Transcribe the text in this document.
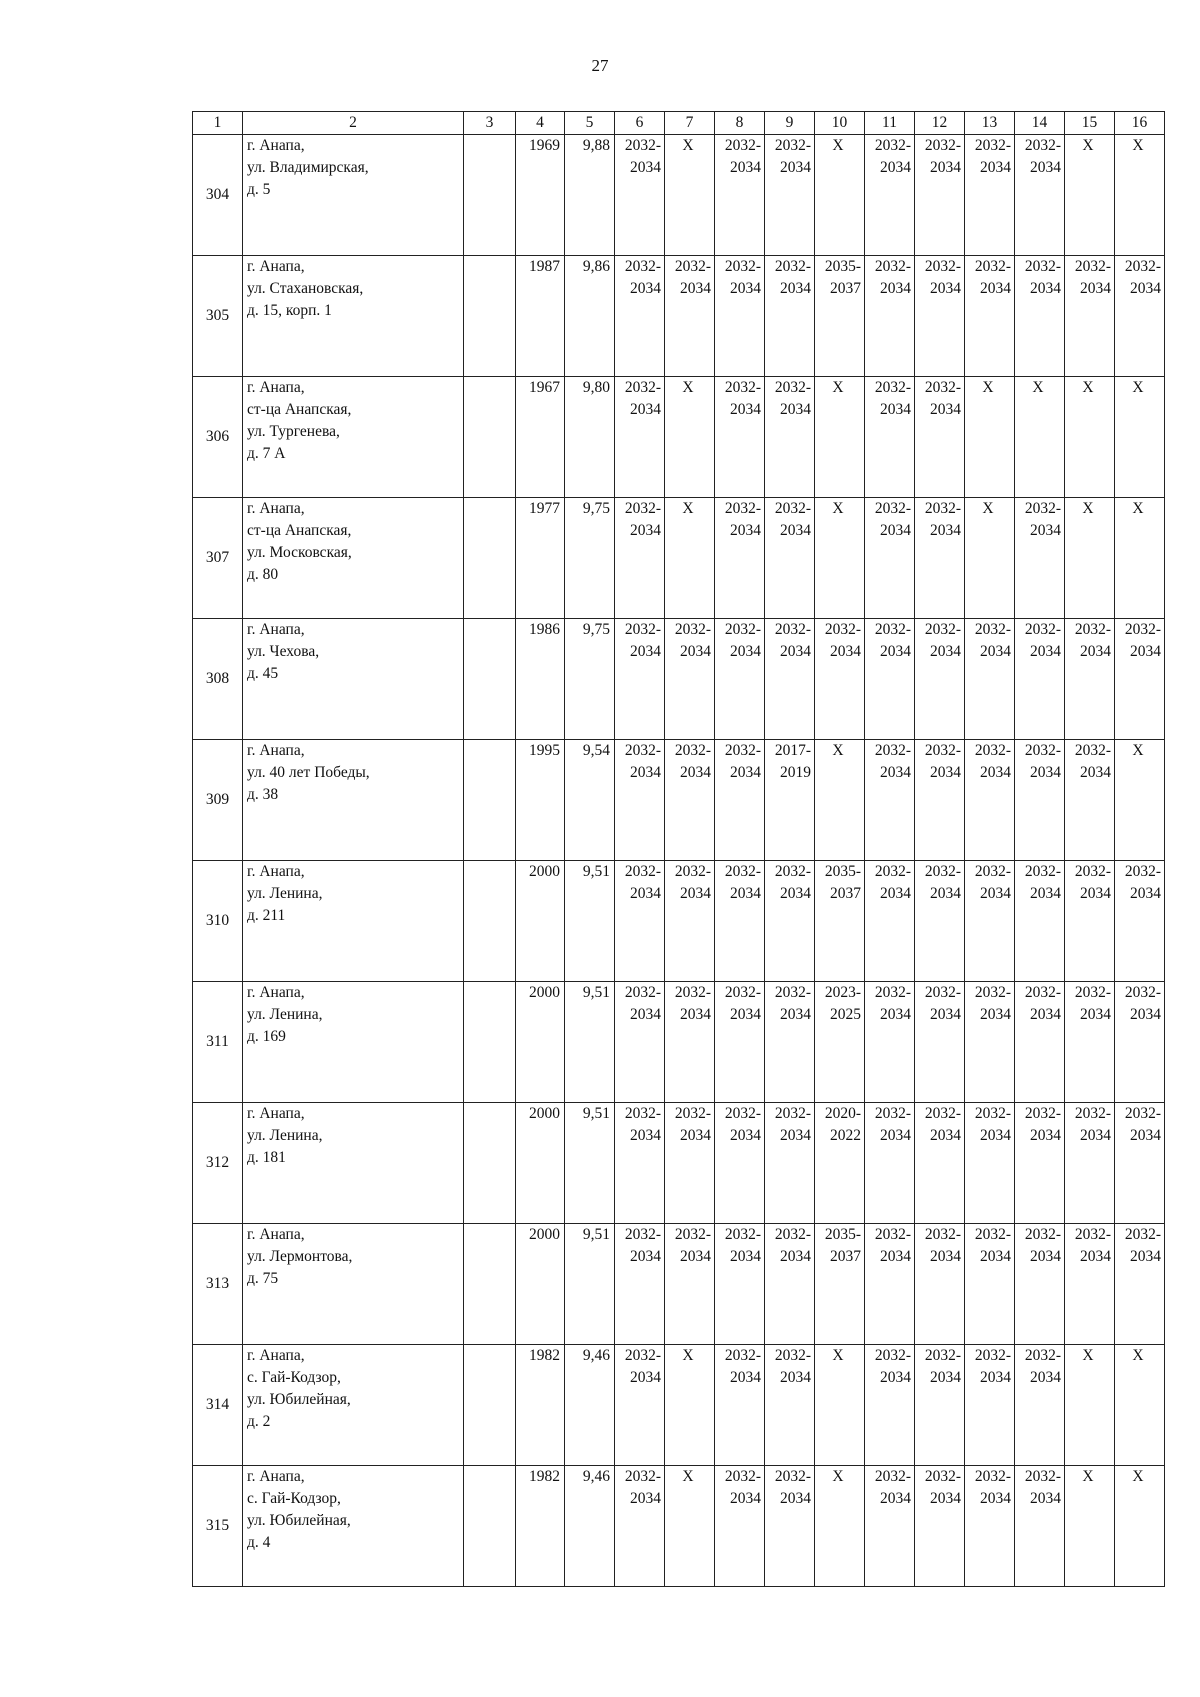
27
1	2	3	4	5	6	7	8	9	10	11	12	13	14	15	16

304	г. Анапа,
ул. Владимирская,
д. 5		1969	9,88	2032-
2034	X	2032-
2034	2032-
2034	X	2032-
2034	2032-
2034	2032-
2034	2032-
2034	X	X

305	г. Анапа,
ул. Стахановская,
д. 15, корп. 1		1987	9,86	2032-
2034	2032-
2034	2032-
2034	2032-
2034	2035-
2037	2032-
2034	2032-
2034	2032-
2034	2032-
2034	2032-
2034	2032-
2034

306	г. Анапа,
ст-ца Анапская,
ул. Тургенева,
д. 7 А		1967	9,80	2032-
2034	X	2032-
2034	2032-
2034	X	2032-
2034	2032-
2034	X	X	X	X

307	г. Анапа,
ст-ца Анапская,
ул. Московская,
д. 80		1977	9,75	2032-
2034	X	2032-
2034	2032-
2034	X	2032-
2034	2032-
2034	X	2032-
2034	X	X

308	г. Анапа,
ул. Чехова,
д. 45		1986	9,75	2032-
2034	2032-
2034	2032-
2034	2032-
2034	2032-
2034	2032-
2034	2032-
2034	2032-
2034	2032-
2034	2032-
2034	2032-
2034

309	г. Анапа,
ул. 40 лет Победы,
д. 38		1995	9,54	2032-
2034	2032-
2034	2032-
2034	2017-
2019	X	2032-
2034	2032-
2034	2032-
2034	2032-
2034	2032-
2034	X

310	г. Анапа,
ул. Ленина,
д. 211		2000	9,51	2032-
2034	2032-
2034	2032-
2034	2032-
2034	2035-
2037	2032-
2034	2032-
2034	2032-
2034	2032-
2034	2032-
2034	2032-
2034

311	г. Анапа,
ул. Ленина,
д. 169		2000	9,51	2032-
2034	2032-
2034	2032-
2034	2032-
2034	2023-
2025	2032-
2034	2032-
2034	2032-
2034	2032-
2034	2032-
2034	2032-
2034

312	г. Анапа,
ул. Ленина,
д. 181		2000	9,51	2032-
2034	2032-
2034	2032-
2034	2032-
2034	2020-
2022	2032-
2034	2032-
2034	2032-
2034	2032-
2034	2032-
2034	2032-
2034

313	г. Анапа,
ул. Лермонтова,
д. 75		2000	9,51	2032-
2034	2032-
2034	2032-
2034	2032-
2034	2035-
2037	2032-
2034	2032-
2034	2032-
2034	2032-
2034	2032-
2034	2032-
2034

314	г. Анапа,
с. Гай-Кодзор,
ул. Юбилейная,
д. 2		1982	9,46	2032-
2034	X	2032-
2034	2032-
2034	X	2032-
2034	2032-
2034	2032-
2034	2032-
2034	X	X

315	г. Анапа,
с. Гай-Кодзор,
ул. Юбилейная,
д. 4		1982	9,46	2032-
2034	X	2032-
2034	2032-
2034	X	2032-
2034	2032-
2034	2032-
2034	2032-
2034	X	X
